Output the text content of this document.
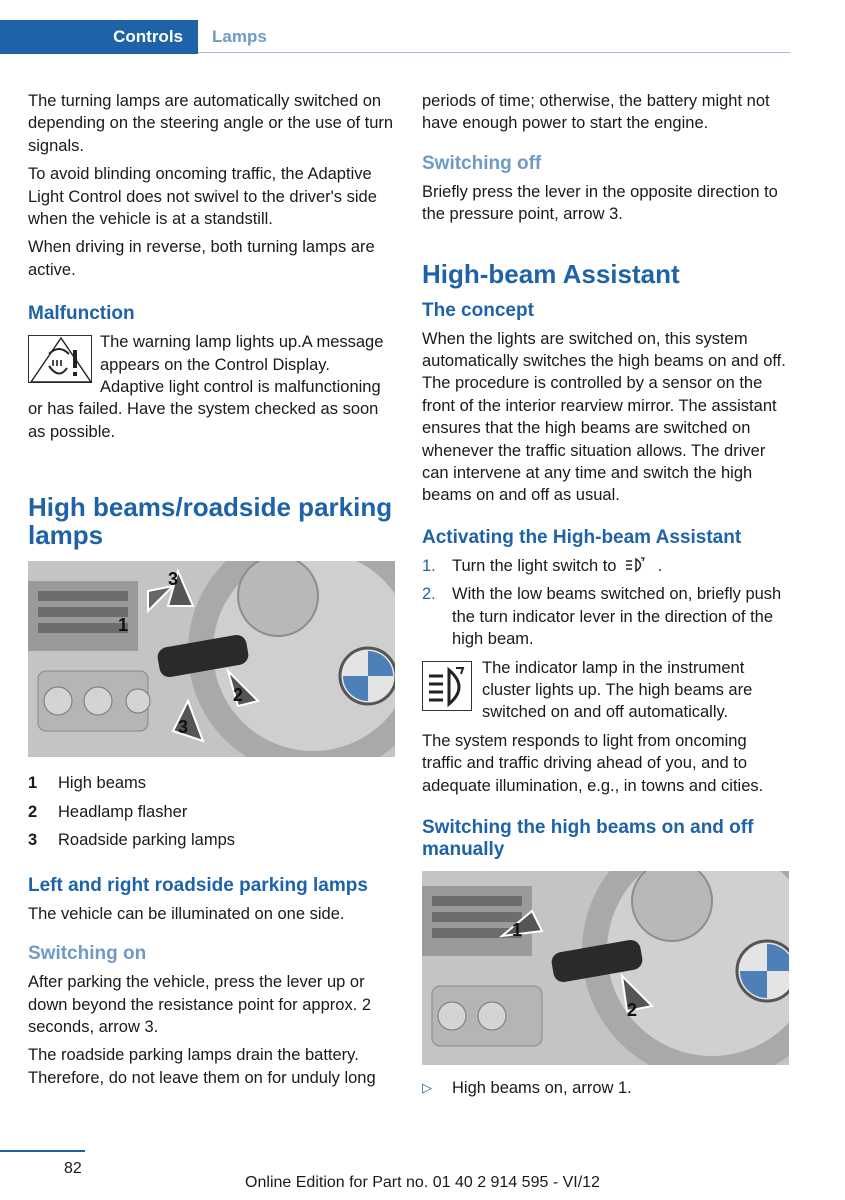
Controls Lamps

The turning lamps are automatically switched on depending on the steering angle or the use of turn signals.

To avoid blinding oncoming traffic, the Adaptive Light Control does not swivel to the driver's side when the vehicle is at a standstill.

When driving in reverse, both turning lamps are active.

Malfunction

The warning lamp lights up.A message appears on the Control Display. Adaptive light control is malfunctioning or has failed. Have the system checked as soon as possible.

High beams/roadside parking lamps
3
1
2
3
1	High beams
2	Headlamp flasher
3	Roadside parking lamps
Left and right roadside parking lamps

The vehicle can be illuminated on one side.

Switching on

After parking the vehicle, press the lever up or down beyond the resistance point for approx. 2 seconds, arrow 3.

The roadside parking lamps drain the battery. Therefore, do not leave them on for unduly long

periods of time; otherwise, the battery might not have enough power to start the engine.

Switching off

Briefly press the lever in the opposite direction to the pressure point, arrow 3.

High-beam Assistant
The concept

When the lights are switched on, this system automatically switches the high beams on and off. The procedure is controlled by a sensor on the front of the interior rearview mirror. The assistant ensures that the high beams are switched on whenever the traffic situation allows. The driver can intervene at any time and switch the high beams on and off as usual.

Activating the High-beam Assistant
1. Turn the light switch to  .
2. With the low beams switched on, briefly push the turn indicator lever in the direction of the high beam.

The indicator lamp in the instrument cluster lights up. The high beams are switched on and off automatically.

The system responds to light from oncoming traffic and traffic driving ahead of you, and to adequate illumination, e.g., in towns and cities.

Switching the high beams on and off manually
1
2
▷	High beams on, arrow 1.
82
Online Edition for Part no. 01 40 2 914 595 - VI/12
